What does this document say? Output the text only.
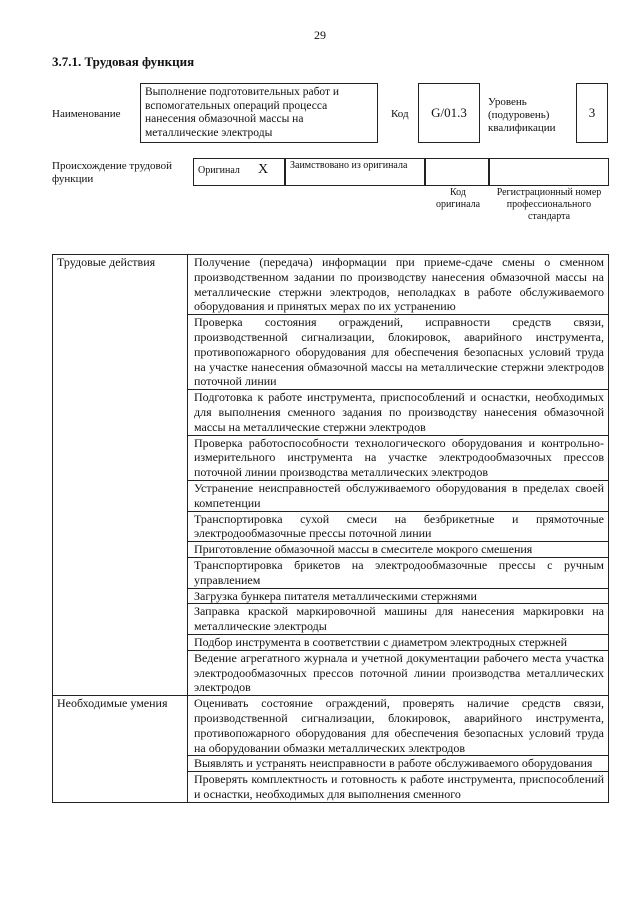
29
3.7.1. Трудовая функция
Наименование
Выполнение подготовительных работ и вспомогательных операций процесса нанесения обмазочной массы на металлические электроды
Код	G/01.3
Уровень (подуровень) квалификации
3
Происхождение трудовой функции
Оригинал X	Заимствовано из оригинала
Код оригинала
Регистрационный номер профессионального стандарта
Трудовые действия	Получение (передача) информации при приеме-сдаче смены о сменном производственном задании по производству нанесения обмазочной массы на металлические стержни электродов, неполадках в работе обслуживаемого оборудования и принятых мерах по их устранению
	Проверка состояния ограждений, исправности средств связи, производственной сигнализации, блокировок, аварийного инструмента, противопожарного оборудования для обеспечения безопасных условий труда на участке нанесения обмазочной массы на металлические стержни электродов поточной линии
	Подготовка к работе инструмента, приспособлений и оснастки, необходимых для выполнения сменного задания по производству нанесения обмазочной массы на металлические стержни электродов
	Проверка работоспособности технологического оборудования и контрольно-измерительного инструмента на участке электродообмазочных прессов поточной линии производства металлических электродов
	Устранение неисправностей обслуживаемого оборудования в пределах своей компетенции
	Транспортировка сухой смеси на безбрикетные и прямоточные электродообмазочные прессы поточной линии
	Приготовление обмазочной массы в смесителе мокрого смешения
	Транспортировка брикетов на электродообмазочные прессы с ручным управлением
	Загрузка бункера питателя металлическими стержнями
	Заправка краской маркировочной машины для нанесения маркировки на металлические электроды
	Подбор инструмента в соответствии с диаметром электродных стержней
	Ведение агрегатного журнала и учетной документации рабочего места участка электродообмазочных прессов поточной линии производства металлических электродов
Необходимые умения	Оценивать состояние ограждений, проверять наличие средств связи, производственной сигнализации, блокировок, аварийного инструмента, противопожарного оборудования для обеспечения безопасных условий труда на оборудовании обмазки металлических электродов
	Выявлять и устранять неисправности в работе обслуживаемого оборудования
	Проверять комплектность и готовность к работе инструмента, приспособлений и оснастки, необходимых для выполнения сменного
